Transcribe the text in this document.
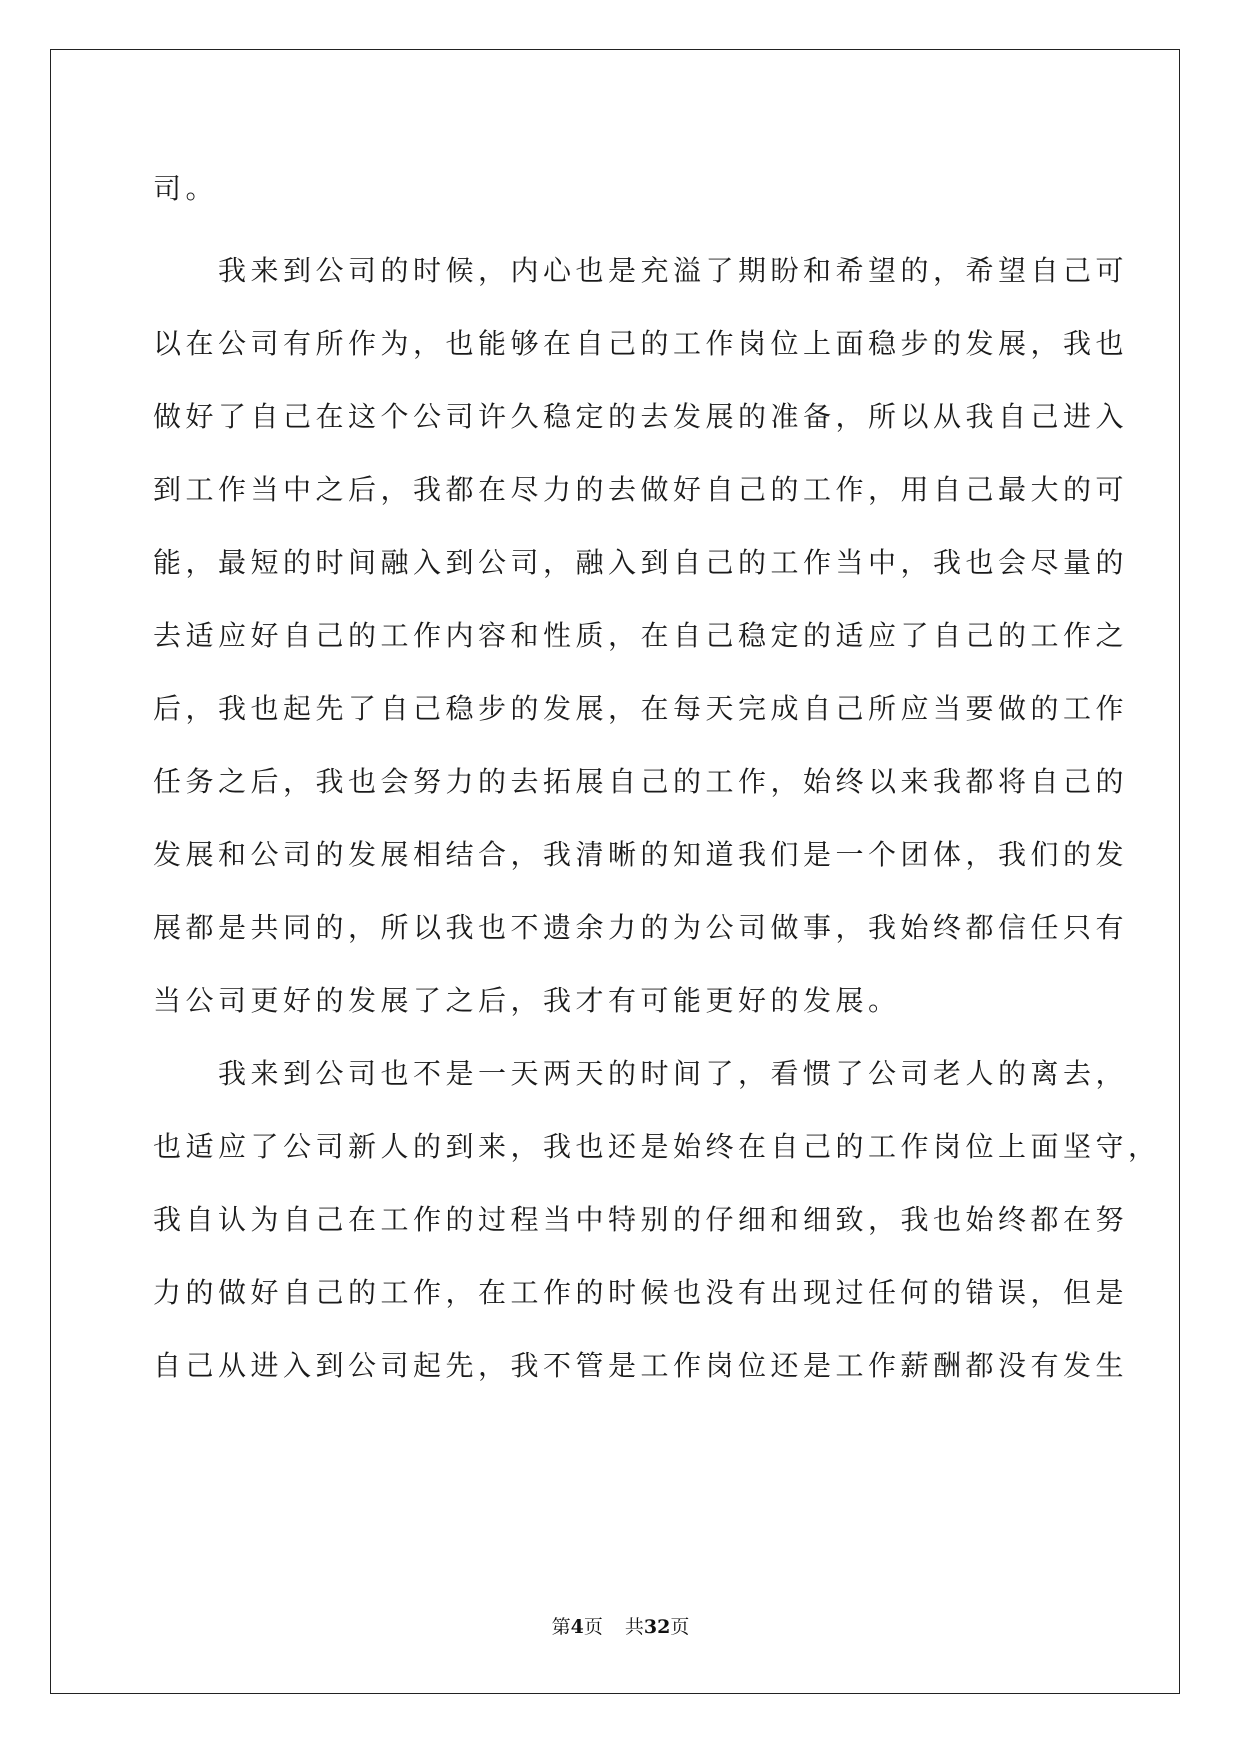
司。
　　我来到公司的时候，内心也是充溢了期盼和希望的，希望自己可
以在公司有所作为，也能够在自己的工作岗位上面稳步的发展，我也
做好了自己在这个公司许久稳定的去发展的准备，所以从我自己进入
到工作当中之后，我都在尽力的去做好自己的工作，用自己最大的可
能，最短的时间融入到公司，融入到自己的工作当中，我也会尽量的
去适应好自己的工作内容和性质，在自己稳定的适应了自己的工作之
后，我也起先了自己稳步的发展，在每天完成自己所应当要做的工作
任务之后，我也会努力的去拓展自己的工作，始终以来我都将自己的
发展和公司的发展相结合，我清晰的知道我们是一个团体，我们的发
展都是共同的，所以我也不遗余力的为公司做事，我始终都信任只有
当公司更好的发展了之后，我才有可能更好的发展。
　　我来到公司也不是一天两天的时间了，看惯了公司老人的离去，
也适应了公司新人的到来，我也还是始终在自己的工作岗位上面坚守，
我自认为自己在工作的过程当中特别的仔细和细致，我也始终都在努
力的做好自己的工作，在工作的时候也没有出现过任何的错误，但是
自己从进入到公司起先，我不管是工作岗位还是工作薪酬都没有发生
第4页 共32页
